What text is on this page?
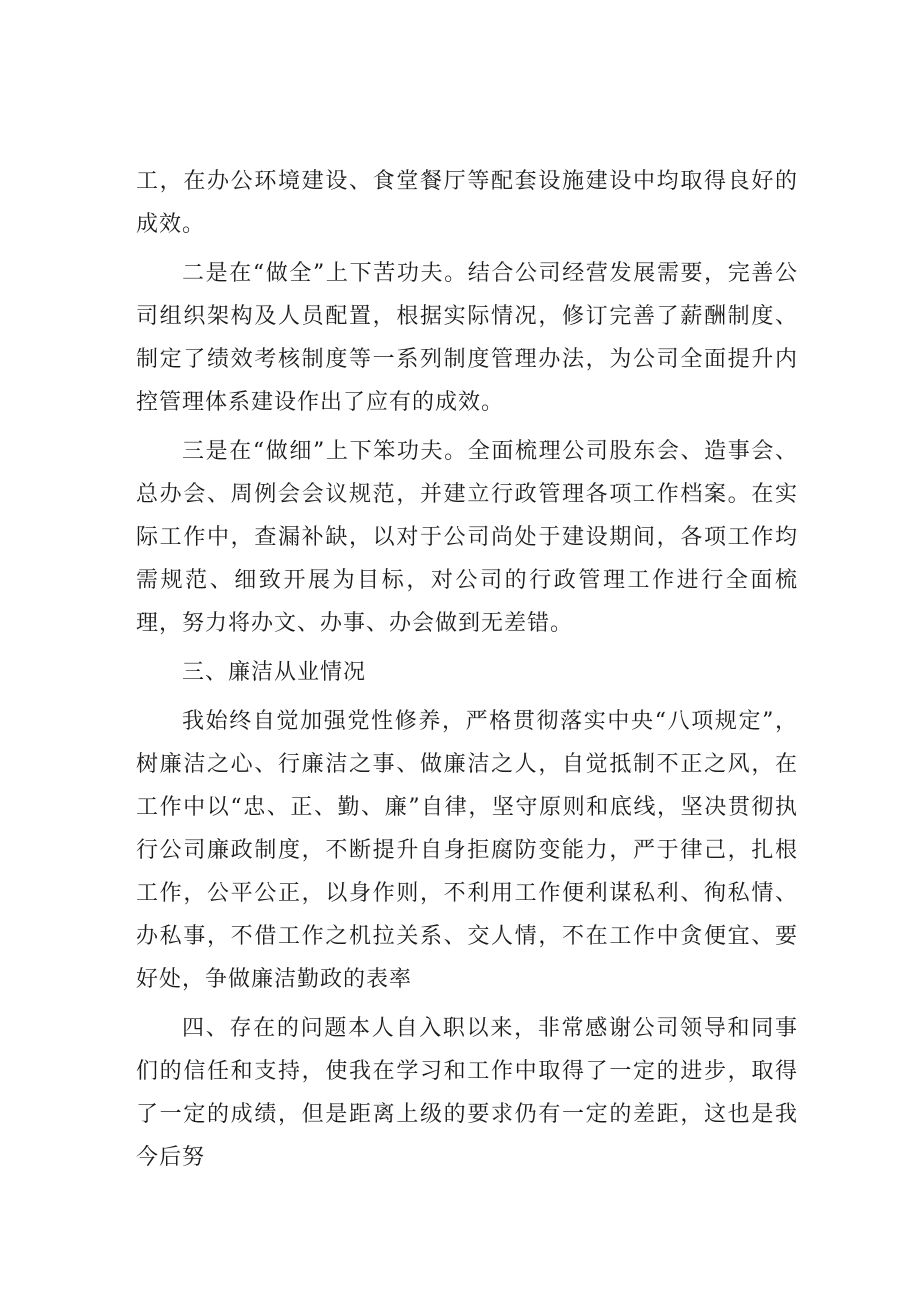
工，在办公环境建设、食堂餐厅等配套设施建设中均取得良好的成效。

二是在“做全”上下苦功夫。结合公司经营发展需要，完善公司组织架构及人员配置，根据实际情况，修订完善了薪酬制度、制定了绩效考核制度等一系列制度管理办法，为公司全面提升内控管理体系建设作出了应有的成效。

三是在“做细”上下笨功夫。全面梳理公司股东会、造事会、总办会、周例会会议规范，并建立行政管理各项工作档案。在实际工作中，查漏补缺，以对于公司尚处于建设期间，各项工作均需规范、细致开展为目标，对公司的行政管理工作进行全面梳理，努力将办文、办事、办会做到无差错。

三、廉洁从业情况

我始终自觉加强党性修养，严格贯彻落实中央“八项规定”，树廉洁之心、行廉洁之事、做廉洁之人，自觉抵制不正之风，在工作中以“忠、正、勤、廉”自律，坚守原则和底线，坚决贯彻执行公司廉政制度，不断提升自身拒腐防变能力，严于律己，扎根工作，公平公正，以身作则，不利用工作便利谋私利、徇私情、办私事，不借工作之机拉关系、交人情，不在工作中贪便宜、要好处，争做廉洁勤政的表率

四、存在的问题本人自入职以来，非常感谢公司领导和同事们的信任和支持，使我在学习和工作中取得了一定的进步，取得了一定的成绩，但是距离上级的要求仍有一定的差距，这也是我今后努
